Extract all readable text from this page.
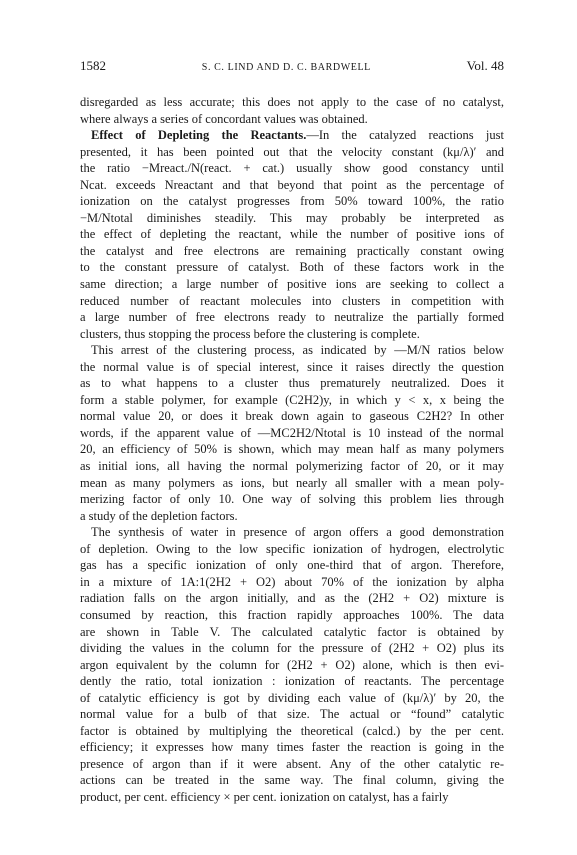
1582	S. C. LIND AND D. C. BARDWELL	Vol. 48

disregarded as less accurate; this does not apply to the case of no catalyst,
where always a series of concordant values was obtained.

Effect of Depleting the Reactants.—In the catalyzed reactions just
presented, it has been pointed out that the velocity constant (kμ/λ)′ and
the ratio −Mreact./N(react. + cat.) usually show good constancy until
Ncat. exceeds Nreactant and that beyond that point as the percentage of
ionization on the catalyst progresses from 50% toward 100%, the ratio
−M/Ntotal diminishes steadily. This may probably be interpreted as
the effect of depleting the reactant, while the number of positive ions of
the catalyst and free electrons are remaining practically constant owing
to the constant pressure of catalyst. Both of these factors work in the
same direction; a large number of positive ions are seeking to collect a
reduced number of reactant molecules into clusters in competition with
a large number of free electrons ready to neutralize the partially formed
clusters, thus stopping the process before the clustering is complete.

This arrest of the clustering process, as indicated by —M/N ratios below
the normal value is of special interest, since it raises directly the question
as to what happens to a cluster thus prematurely neutralized. Does it
form a stable polymer, for example (C2H2)y, in which y < x, x being the
normal value 20, or does it break down again to gaseous C2H2? In other
words, if the apparent value of —MC2H2/Ntotal is 10 instead of the normal
20, an efficiency of 50% is shown, which may mean half as many polymers
as initial ions, all having the normal polymerizing factor of 20, or it may
mean as many polymers as ions, but nearly all smaller with a mean poly-
merizing factor of only 10. One way of solving this problem lies through
a study of the depletion factors.

The synthesis of water in presence of argon offers a good demonstration
of depletion. Owing to the low specific ionization of hydrogen, electrolytic
gas has a specific ionization of only one-third that of argon. Therefore,
in a mixture of 1A:1(2H2 + O2) about 70% of the ionization by alpha
radiation falls on the argon initially, and as the (2H2 + O2) mixture is
consumed by reaction, this fraction rapidly approaches 100%. The data
are shown in Table V. The calculated catalytic factor is obtained by
dividing the values in the column for the pressure of (2H2 + O2) plus its
argon equivalent by the column for (2H2 + O2) alone, which is then evi-
dently the ratio, total ionization : ionization of reactants. The percentage
of catalytic efficiency is got by dividing each value of (kμ/λ)′ by 20, the
normal value for a bulb of that size. The actual or “found” catalytic
factor is obtained by multiplying the theoretical (calcd.) by the per cent.
efficiency; it expresses how many times faster the reaction is going in the
presence of argon than if it were absent. Any of the other catalytic re-
actions can be treated in the same way. The final column, giving the
product, per cent. efficiency × per cent. ionization on catalyst, has a fairly
